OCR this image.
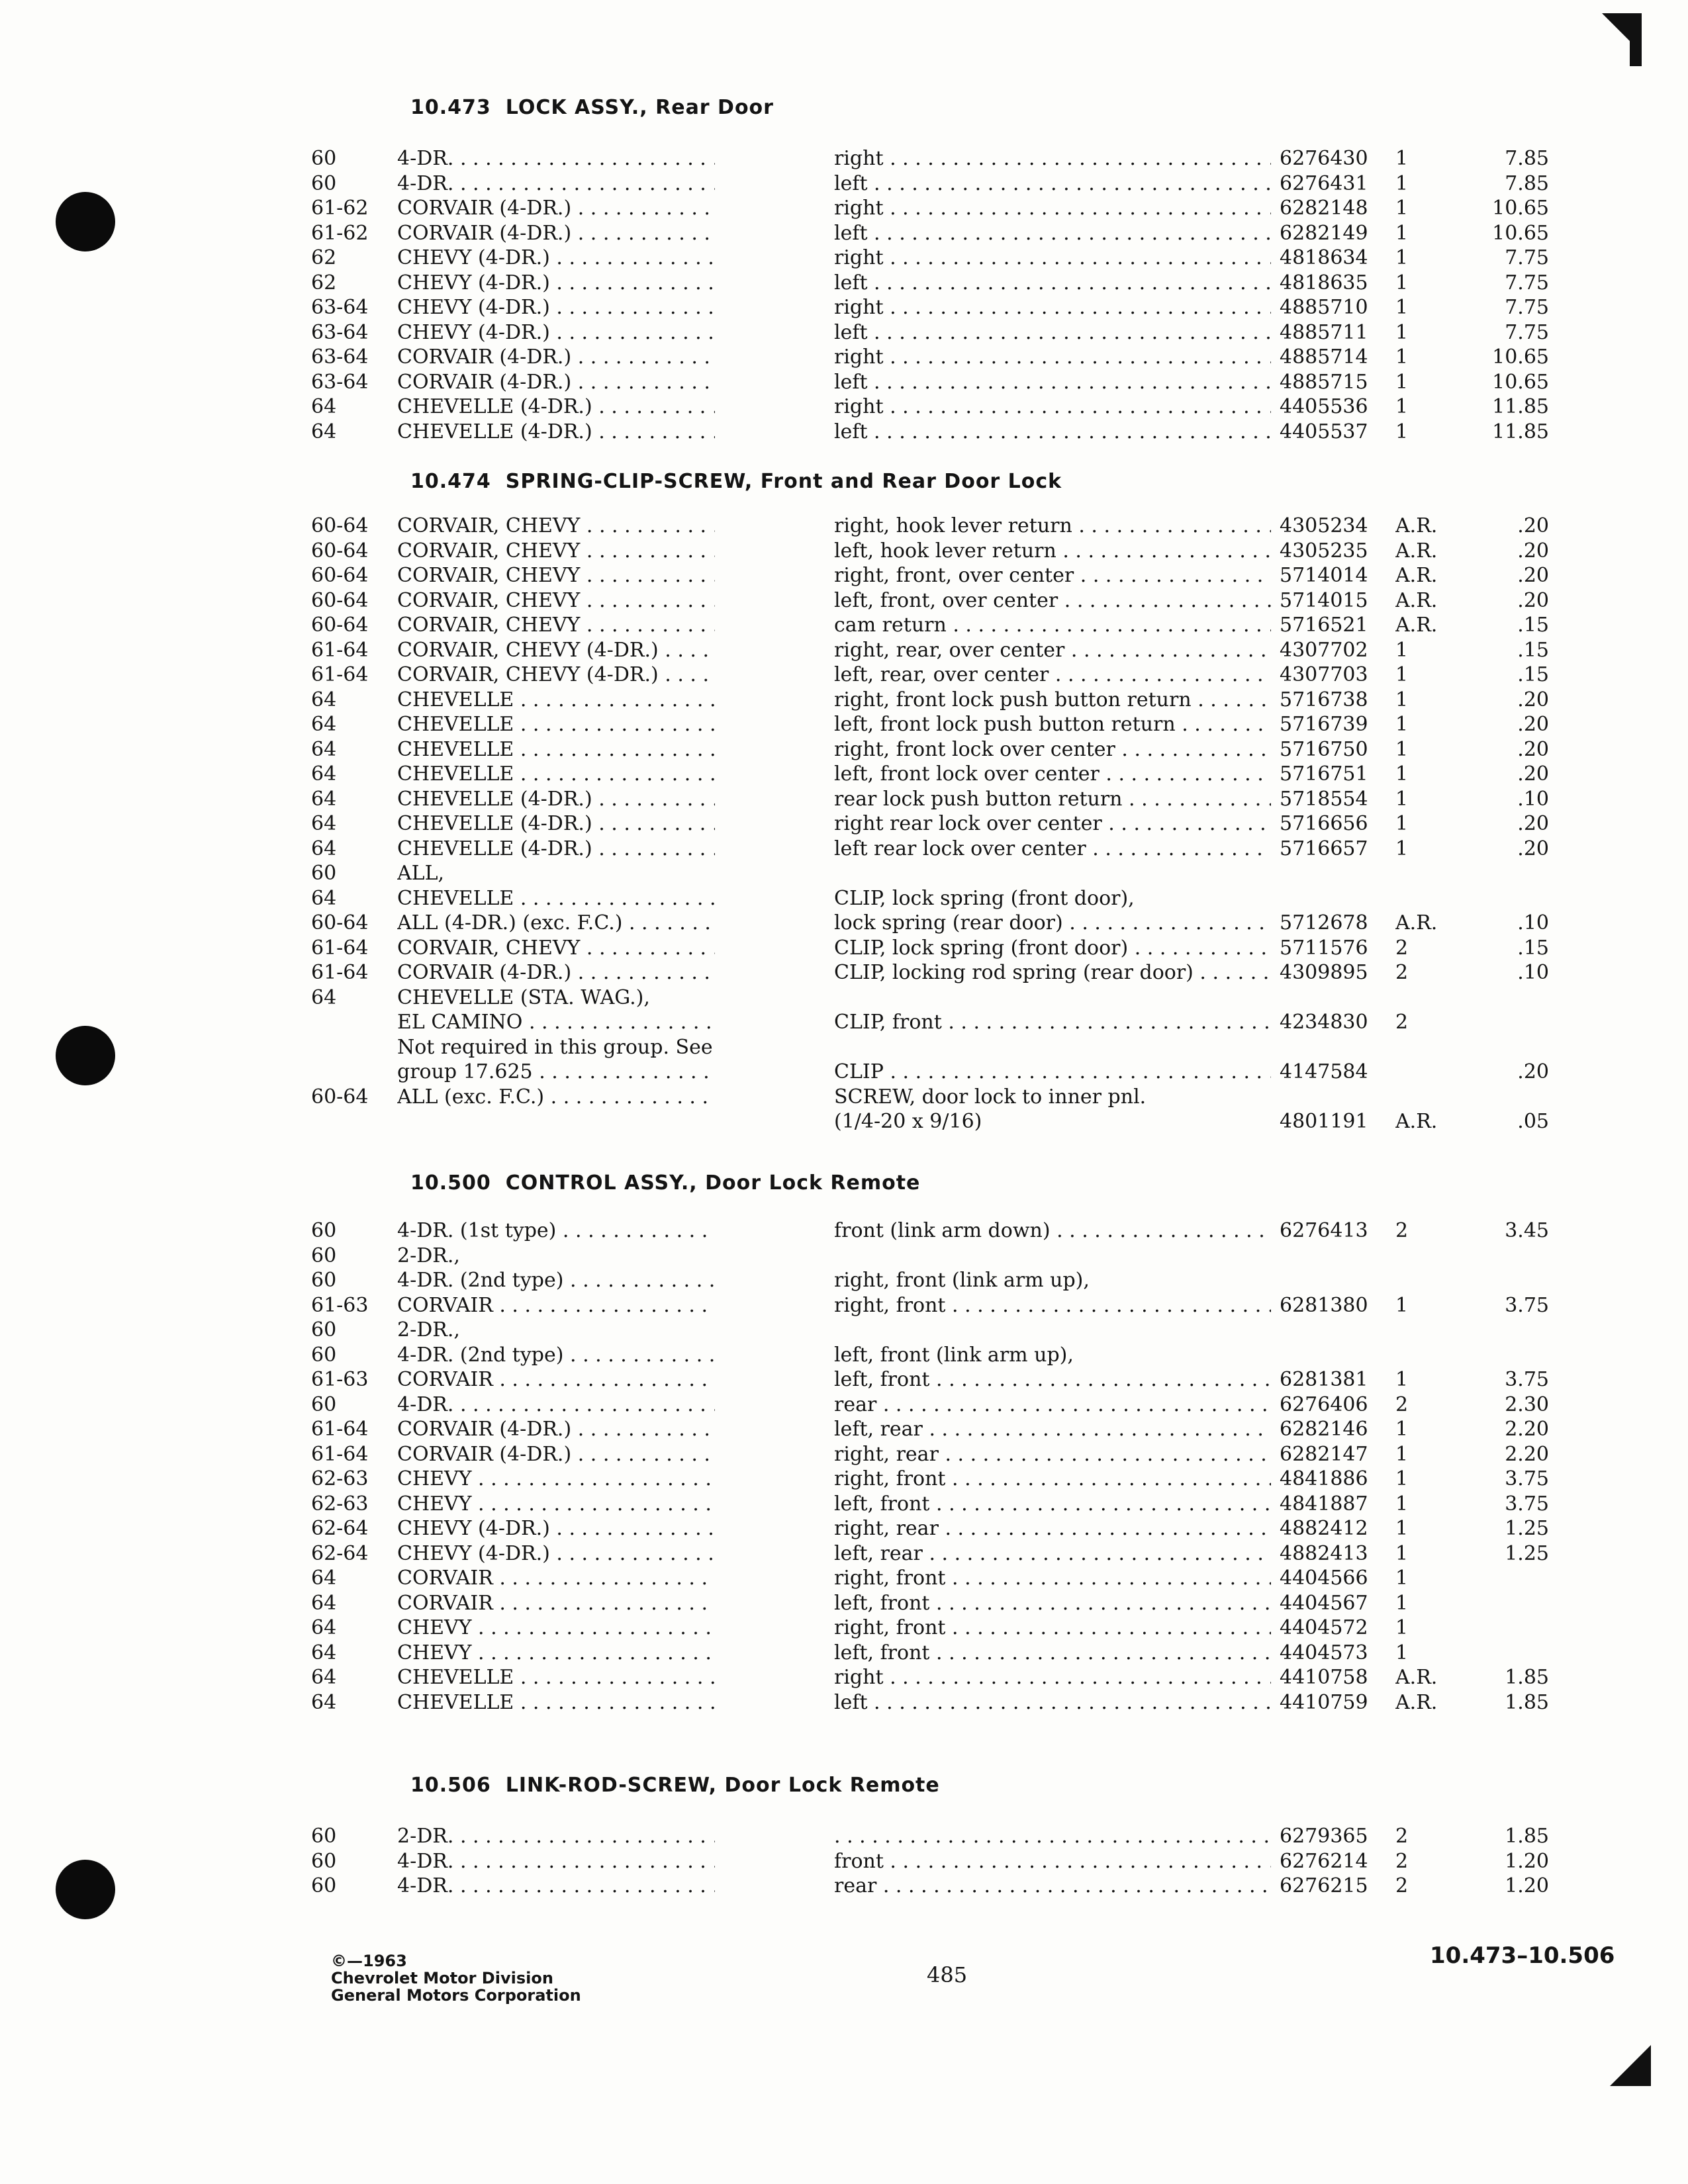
10.473 LOCK ASSY., Rear Door
60	4-DR. . . .	right . . .	6276430	1	7.85
60	4-DR. . . .	left . . .	6276431	1	7.85
61-62	CORVAIR (4-DR.) . . .	right . . .	6282148	1	10.65
61-62	CORVAIR (4-DR.) . . .	left . . .	6282149	1	10.65
62	CHEVY (4-DR.) . . .	right . . .	4818634	1	7.75
62	CHEVY (4-DR.) . . .	left . . .	4818635	1	7.75
63-64	CHEVY (4-DR.) . . .	right . . .	4885710	1	7.75
63-64	CHEVY (4-DR.) . . .	left . . .	4885711	1	7.75
63-64	CORVAIR (4-DR.) . . .	right . . .	4885714	1	10.65
63-64	CORVAIR (4-DR.) . . .	left . . .	4885715	1	10.65
64	CHEVELLE (4-DR.) . . .	right . . .	4405536	1	11.85
64	CHEVELLE (4-DR.) . . .	left . . .	4405537	1	11.85
10.474 SPRING-CLIP-SCREW, Front and Rear Door Lock
60-64	CORVAIR, CHEVY . . .	right, hook lever return . . .	4305234	A.R.	.20
60-64	CORVAIR, CHEVY . . .	left, hook lever return . . .	4305235	A.R.	.20
60-64	CORVAIR, CHEVY . . .	right, front, over center . . .	5714014	A.R.	.20
60-64	CORVAIR, CHEVY . . .	left, front, over center . . .	5714015	A.R.	.20
60-64	CORVAIR, CHEVY . . .	cam return . . .	5716521	A.R.	.15
61-64	CORVAIR, CHEVY (4-DR.) . . .	right, rear, over center . . .	4307702	1	.15
61-64	CORVAIR, CHEVY (4-DR.) . . .	left, rear, over center . . .	4307703	1	.15
64	CHEVELLE . . .	right, front lock push button return . . .	5716738	1	.20
64	CHEVELLE . . .	left, front lock push button return . . .	5716739	1	.20
64	CHEVELLE . . .	right, front lock over center . . .	5716750	1	.20
64	CHEVELLE . . .	left, front lock over center . . .	5716751	1	.20
64	CHEVELLE (4-DR.) . . .	rear lock push button return . . .	5718554	1	.10
64	CHEVELLE (4-DR.) . . .	right rear lock over center . . .	5716656	1	.20
64	CHEVELLE (4-DR.) . . .	left rear lock over center . . .	5716657	1	.20
60	ALL,
64	CHEVELLE . . .	CLIP, lock spring (front door),
60-64	ALL (4-DR.) (exc. F.C.) . . .	lock spring (rear door) . . .	5712678	A.R.	.10
61-64	CORVAIR, CHEVY . . .	CLIP, lock spring (front door) . . .	5711576	2	.15
61-64	CORVAIR (4-DR.) . . .	CLIP, locking rod spring (rear door) . . .	4309895	2	.10
64	CHEVELLE (STA. WAG.),
EL CAMINO . . .	CLIP, front . . .	4234830	2
Not required in this group. See
group 17.625 . . .	CLIP . . .	4147584	.20
60-64	ALL (exc. F.C.) . . .	SCREW, door lock to inner pnl.
(1/4-20 x 9/16)	4801191	A.R.	.05
10.500 CONTROL ASSY., Door Lock Remote
60	4-DR. (1st type) . . .	front (link arm down) . . .	6276413	2	3.45
60	2-DR.,
60	4-DR. (2nd type) . . .	right, front (link arm up),
61-63	CORVAIR . . .	right, front . . .	6281380	1	3.75
60	2-DR.,
60	4-DR. (2nd type) . . .	left, front (link arm up),
61-63	CORVAIR . . .	left, front . . .	6281381	1	3.75
60	4-DR. . . .	rear . . .	6276406	2	2.30
61-64	CORVAIR (4-DR.) . . .	left, rear . . .	6282146	1	2.20
61-64	CORVAIR (4-DR.) . . .	right, rear . . .	6282147	1	2.20
62-63	CHEVY . . .	right, front . . .	4841886	1	3.75
62-63	CHEVY . . .	left, front . . .	4841887	1	3.75
62-64	CHEVY (4-DR.) . . .	right, rear . . .	4882412	1	1.25
62-64	CHEVY (4-DR.) . . .	left, rear . . .	4882413	1	1.25
64	CORVAIR . . .	right, front . . .	4404566	1
64	CORVAIR . . .	left, front . . .	4404567	1
64	CHEVY . . .	right, front . . .	4404572	1
64	CHEVY . . .	left, front . . .	4404573	1
64	CHEVELLE . . .	right . . .	4410758	A.R.	1.85
64	CHEVELLE . . .	left . . .	4410759	A.R.	1.85
10.506 LINK-ROD-SCREW, Door Lock Remote
60	2-DR. . . .
. . .	6279365	2	1.85
60	4-DR. . . .	front . . .	6276214	2	1.20
60	4-DR. . . .	rear . . .	6276215	2	1.20
©—1963
Chevrolet Motor Division
General Motors Corporation
485
10.473–10.506
